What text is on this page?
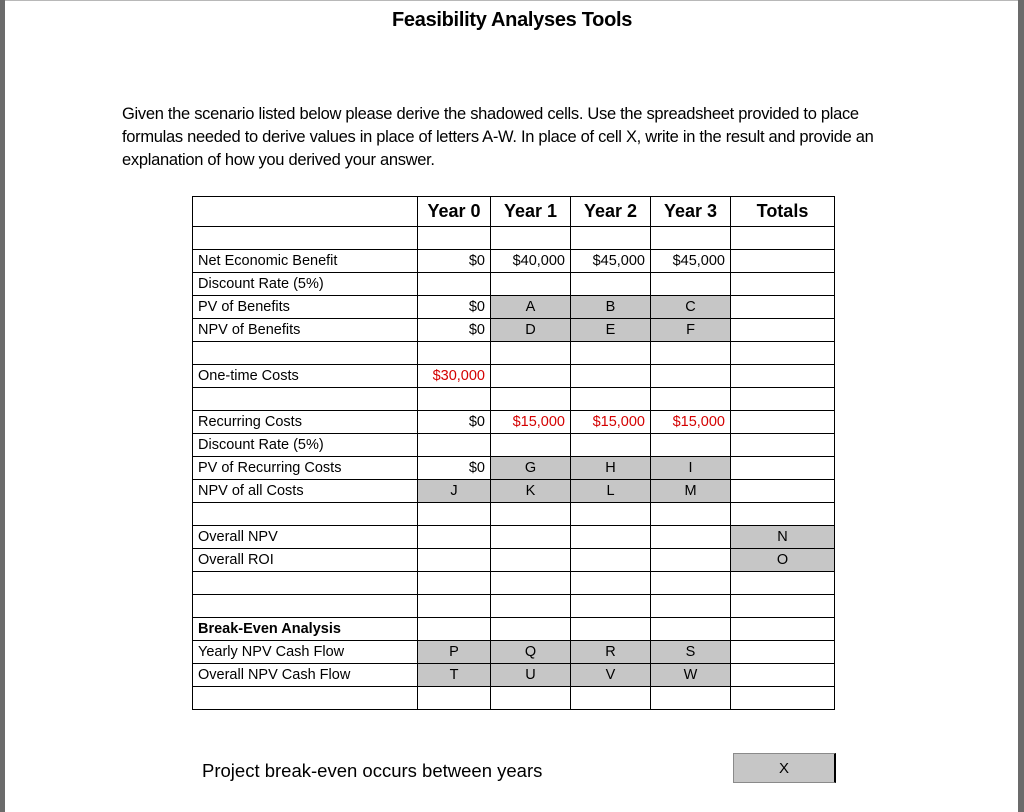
Feasibility Analyses Tools
Given the scenario listed below please derive the shadowed cells. Use the spreadsheet provided to place formulas needed to derive values in place of letters A-W. In place of cell X, write in the result and provide an explanation of how you derived your answer.
	Year 0	Year 1	Year 2	Year 3	Totals

Net Economic Benefit	$0	$40,000	$45,000	$45,000	
Discount Rate (5%)					
PV of Benefits	$0	A	B	C	
NPV of Benefits	$0	D	E	F	

One-time Costs	$30,000				

Recurring Costs	$0	$15,000	$15,000	$15,000	
Discount Rate (5%)					
PV of Recurring Costs	$0	G	H	I	
NPV of all Costs	J	K	L	M	

Overall NPV					N
Overall ROI					O

Break-Even Analysis					
Yearly NPV Cash Flow	P	Q	R	S	
Overall NPV Cash Flow	T	U	V	W	

Project break-even occurs between years	X
